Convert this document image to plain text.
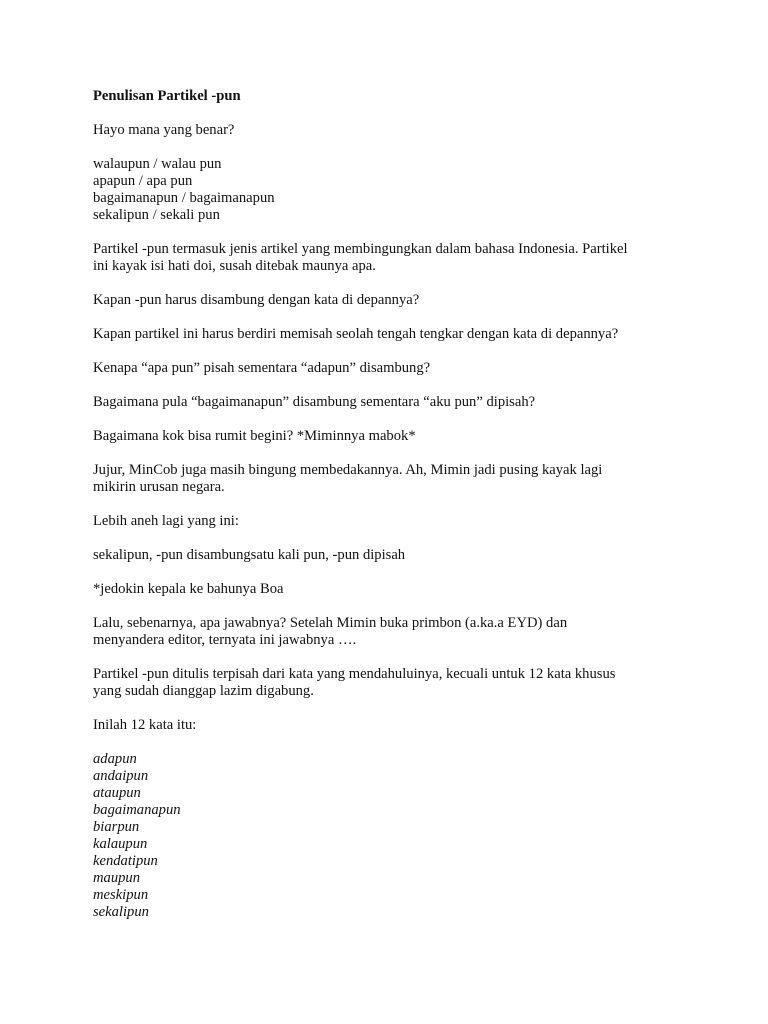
Penulisan Partikel -pun
Hayo mana yang benar?
walaupun / walau pun
apapun / apa pun
bagaimanapun / bagaimanapun
sekalipun / sekali pun
Partikel -pun termasuk jenis artikel yang membingungkan dalam bahasa Indonesia. Partikel
ini kayak isi hati doi, susah ditebak maunya apa.
Kapan -pun harus disambung dengan kata di depannya?
Kapan partikel ini harus berdiri memisah seolah tengah tengkar dengan kata di depannya?
Kenapa “apa pun” pisah sementara “adapun” disambung?
Bagaimana pula “bagaimanapun” disambung sementara “aku pun” dipisah?
Bagaimana kok bisa rumit begini? *Miminnya mabok*
Jujur, MinCob juga masih bingung membedakannya. Ah, Mimin jadi pusing kayak lagi
mikirin urusan negara.
Lebih aneh lagi yang ini:
sekalipun, -pun disambungsatu kali pun, -pun dipisah
*jedokin kepala ke bahunya Boa
Lalu, sebenarnya, apa jawabnya? Setelah Mimin buka primbon (a.ka.a EYD) dan
menyandera editor, ternyata ini jawabnya ….
Partikel -pun ditulis terpisah dari kata yang mendahuluinya, kecuali untuk 12 kata khusus
yang sudah dianggap lazim digabung.
Inilah 12 kata itu:
adapun
andaipun
ataupun
bagaimanapun
biarpun
kalaupun
kendatipun
maupun
meskipun
sekalipun
